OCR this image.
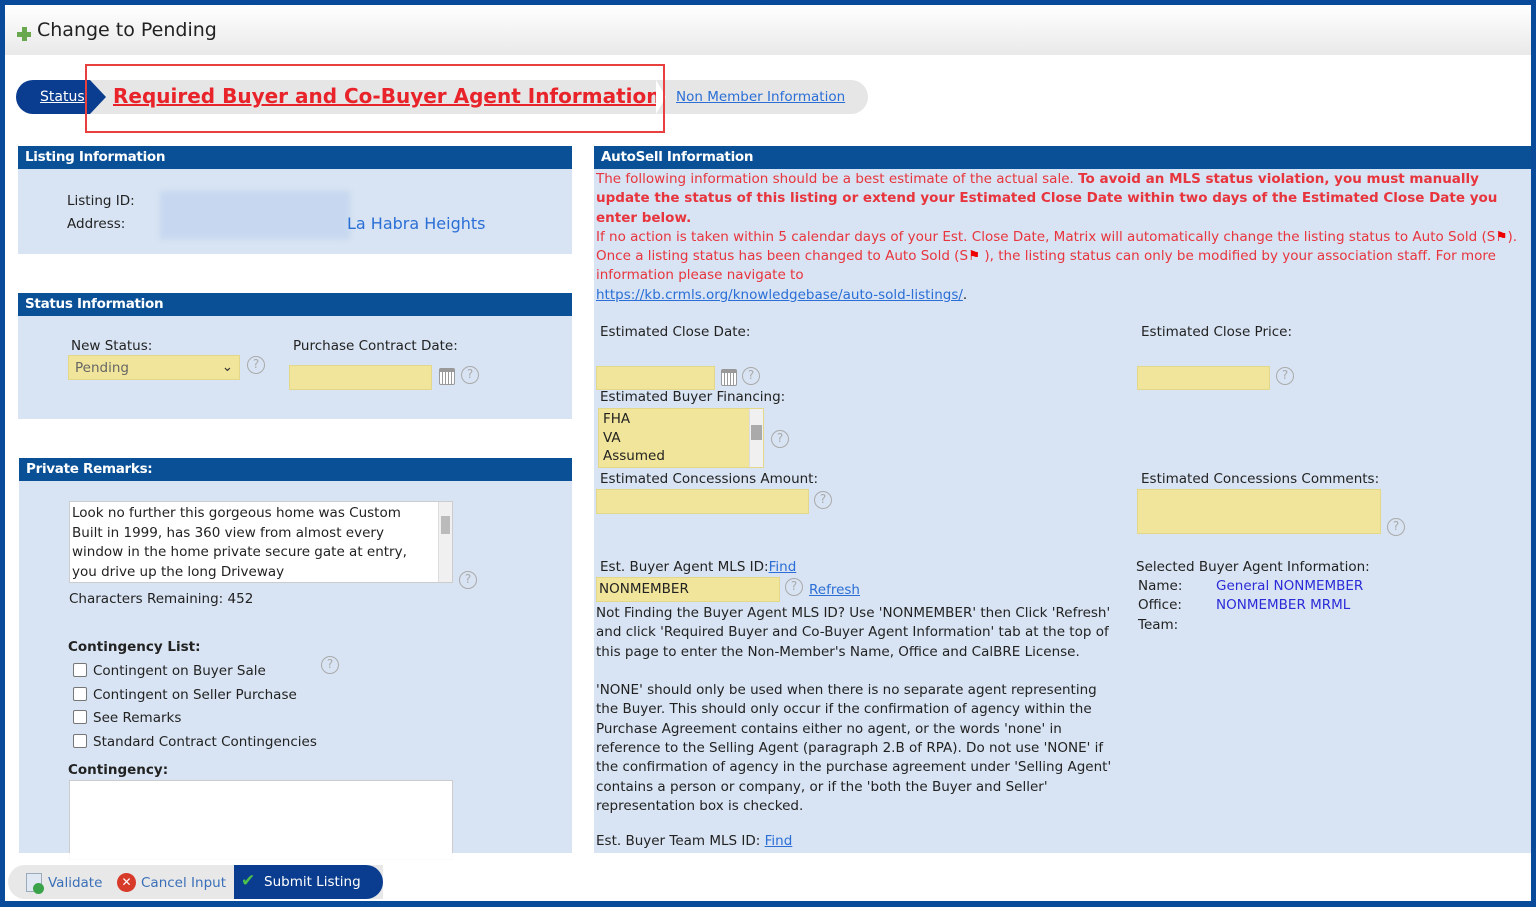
Change to Pending
Status Required Buyer and Co-Buyer Agent Information Non Member Information
Listing Information
Listing ID:
Address:	La Habra Heights
Status Information
New Status:
Pending	⌄	?
Purchase Contract Date:
?
Private Remarks:
Look no further this gorgeous home was Custom Built in 1999, has 360 view from almost every window in the home private secure gate at entry, you drive up the long Driveway	?
Characters Remaining: 452
Contingency List:
?
Contingent on Buyer Sale
Contingent on Seller Purchase
See Remarks
Standard Contract Contingencies
Contingency:
AutoSell Information
The following information should be a best estimate of the actual sale. To avoid an MLS status violation, you must manually update the status of this listing or extend your Estimated Close Date within two days of the Estimated Close Date you enter below.
If no action is taken within 5 calendar days of your Est. Close Date, Matrix will automatically change the listing status to Auto Sold (S⚑).
Once a listing status has been changed to Auto Sold (S⚑ ), the listing status can only be modified by your association staff. For more information please navigate to
https://kb.crmls.org/knowledgebase/auto-sold-listings/.
Estimated Close Date:
?
Estimated Close Price:
?
Estimated Buyer Financing:
FHA
VA
Assumed
?
Estimated Concessions Amount:
?
Estimated Concessions Comments:
?
Est. Buyer Agent MLS ID:Find
NONMEMBER	? Refresh

Not Finding the Buyer Agent MLS ID? Use 'NONMEMBER' then Click 'Refresh' and click 'Required Buyer and Co-Buyer Agent Information' tab at the top of this page to enter the Non-Member's Name, Office and CalBRE License.

'NONE' should only be used when there is no separate agent representing the Buyer. This should only occur if the confirmation of agency within the Purchase Agreement contains either no agent, or the words 'none' in reference to the Selling Agent (paragraph 2.B of RPA). Do not use 'NONE' if the confirmation of agency in the purchase agreement under 'Selling Agent' contains a person or company, or if the 'both the Buyer and Seller' representation box is checked.

Est. Buyer Team MLS ID: Find
Selected Buyer Agent Information:
Name: General NONMEMBER
Office:	NONMEMBER MRML
Team:
Validate	✕ Cancel Input ✔ Submit Listing
